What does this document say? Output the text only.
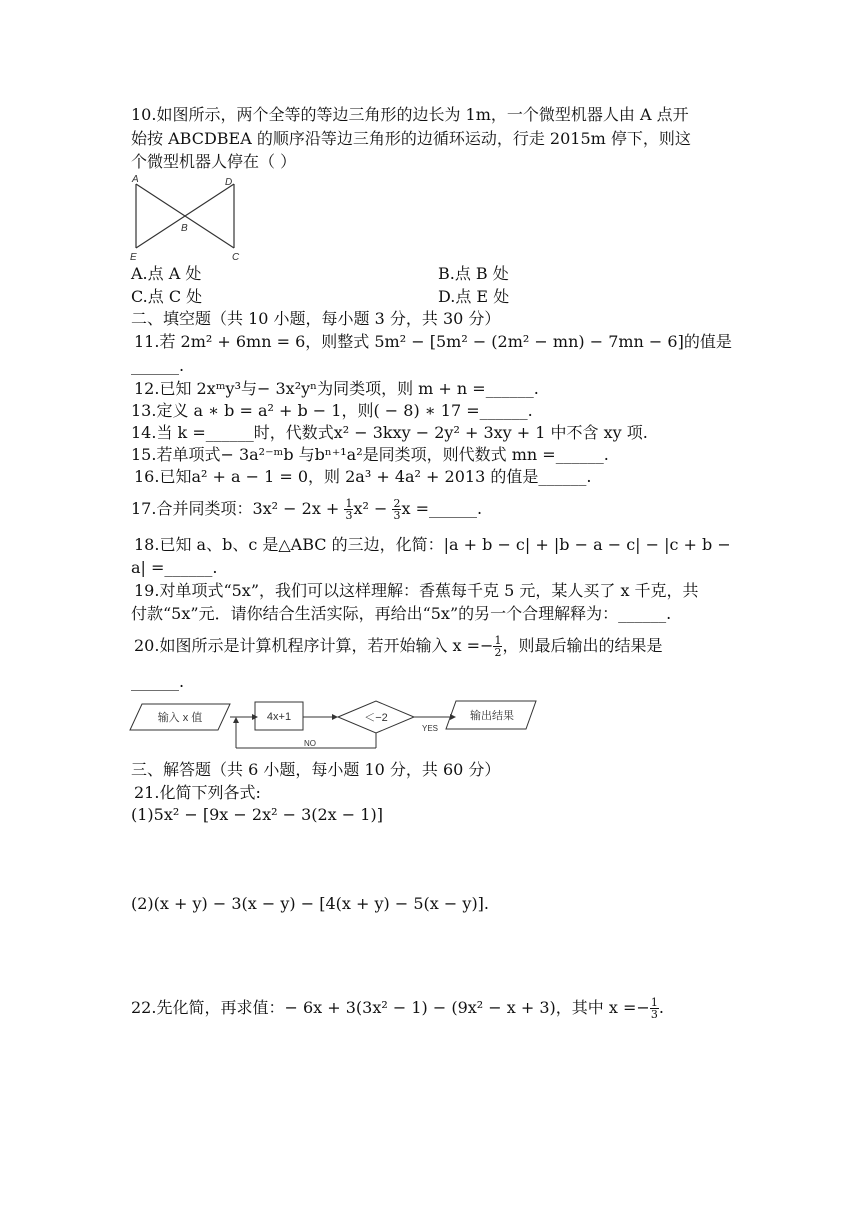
10.如图所示，两个全等的等边三角形的边长为 1m，一个微型机器人由 A 点开
始按 ABCDBEA 的顺序沿等边三角形的边循环运动，行走 2015m 停下，则这
个微型机器人停在（ ）
A	D
B
E	C
A.点 A 处	B.点 B 处
C.点 C 处	D.点 E 处
二、填空题（共 10 小题，每小题 3 分，共 30 分）
11.若 2m² + 6mn = 6，则整式 5m² − [5m² − (2m² − mn) − 7mn − 6]的值是
______.
12.已知 2xᵐy³与− 3x²yⁿ为同类项，则 m + n =______.
13.定义 a ∗ b = a² + b − 1，则( − 8) ∗ 17 =______.
14.当 k =______时，代数式x² − 3kxy − 2y² + 3xy + 1 中不含 xy 项.
15.若单项式− 3a²⁻ᵐb 与bⁿ⁺¹a²是同类项，则代数式 mn =______.
16.已知a² + a − 1 = 0，则 2a³ + 4a² + 2013 的值是______.
17.合并同类项：$3x^2 - 2x + \frac{1}{3} x^2 - \frac{2}{3}$ x =______.
18.已知 a、b、c 是△ABC 的三边，化简：|a + b − c| + |b − a − c| − |c + b −
a| =______.
19.对单项式“5x”，我们可以这样理解：香蕉每千克 5 元，某人买了 x 千克，共
付款“5x”元．请你结合生活实际，再给出“5x”的另一个合理解释为：______.
20.如图所示是计算机程序计算，若开始输入 $x =- \frac{1}{2}$ ，则最后输出的结果是
______.
输入 x 值	4x+1	＜−2
YES
输出结果
NO
三、解答题（共 6 小题，每小题 10 分，共 60 分）
21.化简下列各式:
(1)5x² − [9x − 2x² − 3(2x − 1)]
(2)(x + y) − 3(x − y) − [4(x + y) − 5(x − y)].
22.先化简，再求值：− 6x + 3(3x² − 1) − (9x² − x + 3)，其中 $x =- \frac{1}{3}$ .
